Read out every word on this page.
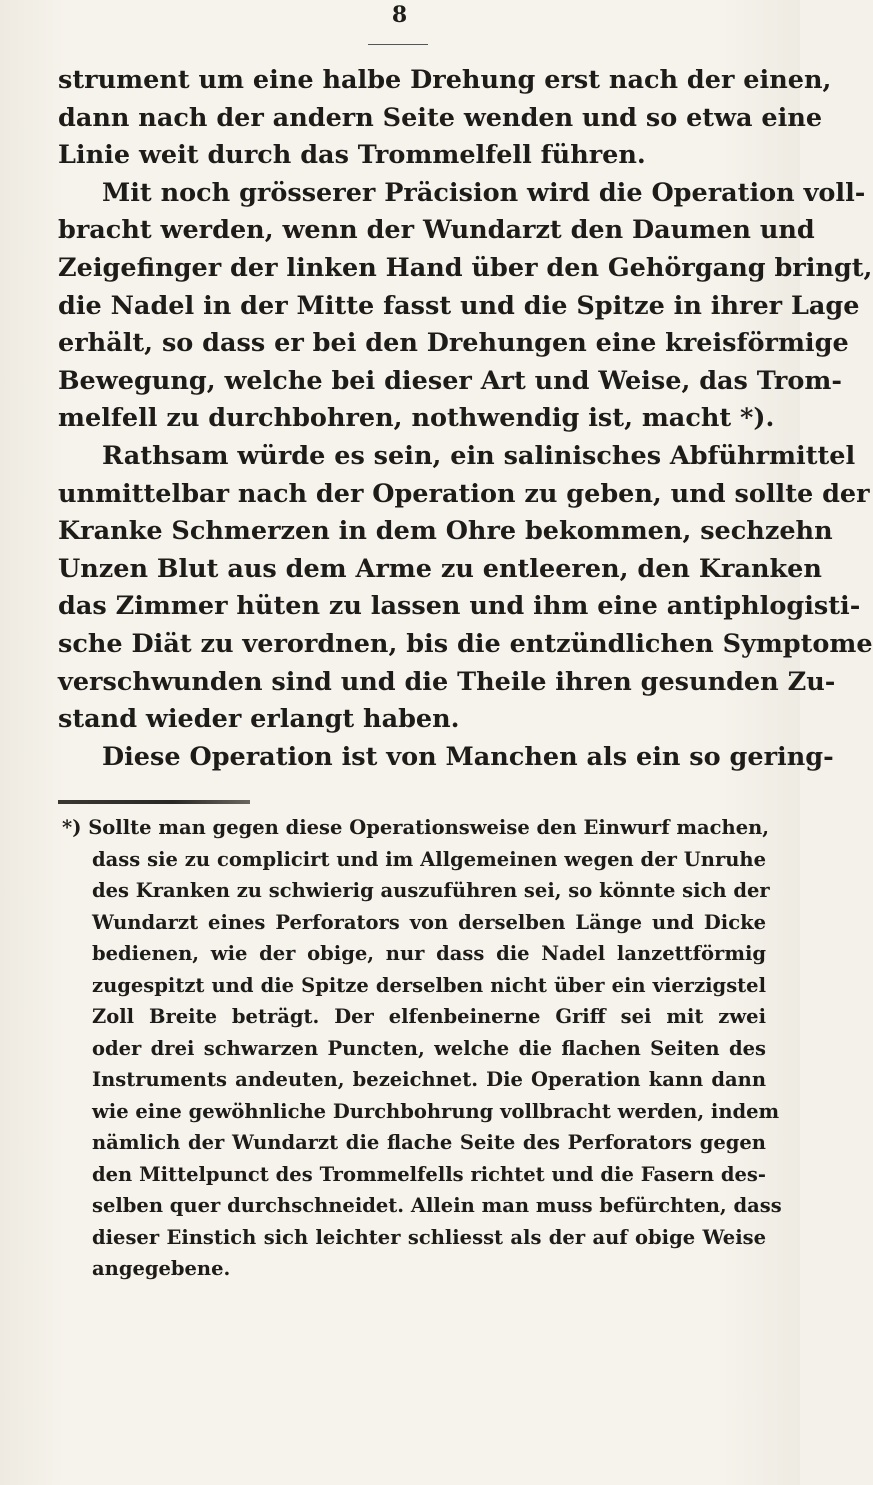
8
strument um eine halbe Drehung erst nach der einen,
dann nach der andern Seite wenden und so etwa eine
Linie weit durch das Trommelfell führen.
Mit noch grösserer Präcision wird die Operation voll-
bracht werden, wenn der Wundarzt den Daumen und
Zeigefinger der linken Hand über den Gehörgang bringt,
die Nadel in der Mitte fasst und die Spitze in ihrer Lage
erhält, so dass er bei den Drehungen eine kreisförmige
Bewegung, welche bei dieser Art und Weise, das Trom-
melfell zu durchbohren, nothwendig ist, macht *).
Rathsam würde es sein, ein salinisches Abführmittel
unmittelbar nach der Operation zu geben, und sollte der
Kranke Schmerzen in dem Ohre bekommen, sechzehn
Unzen Blut aus dem Arme zu entleeren, den Kranken
das Zimmer hüten zu lassen und ihm eine antiphlogisti-
sche Diät zu verordnen, bis die entzündlichen Symptome
verschwunden sind und die Theile ihren gesunden Zu-
stand wieder erlangt haben.
Diese Operation ist von Manchen als ein so gering-
*) Sollte man gegen diese Operationsweise den Einwurf machen,
dass sie zu complicirt und im Allgemeinen wegen der Unruhe
des Kranken zu schwierig auszuführen sei, so könnte sich der
Wundarzt eines Perforators von derselben Länge und Dicke
bedienen, wie der obige, nur dass die Nadel lanzettförmig
zugespitzt und die Spitze derselben nicht über ein vierzigstel
Zoll Breite beträgt. Der elfenbeinerne Griff sei mit zwei
oder drei schwarzen Puncten, welche die flachen Seiten des
Instruments andeuten, bezeichnet. Die Operation kann dann
wie eine gewöhnliche Durchbohrung vollbracht werden, indem
nämlich der Wundarzt die flache Seite des Perforators gegen
den Mittelpunct des Trommelfells richtet und die Fasern des-
selben quer durchschneidet. Allein man muss befürchten, dass
dieser Einstich sich leichter schliesst als der auf obige Weise
angegebene.
